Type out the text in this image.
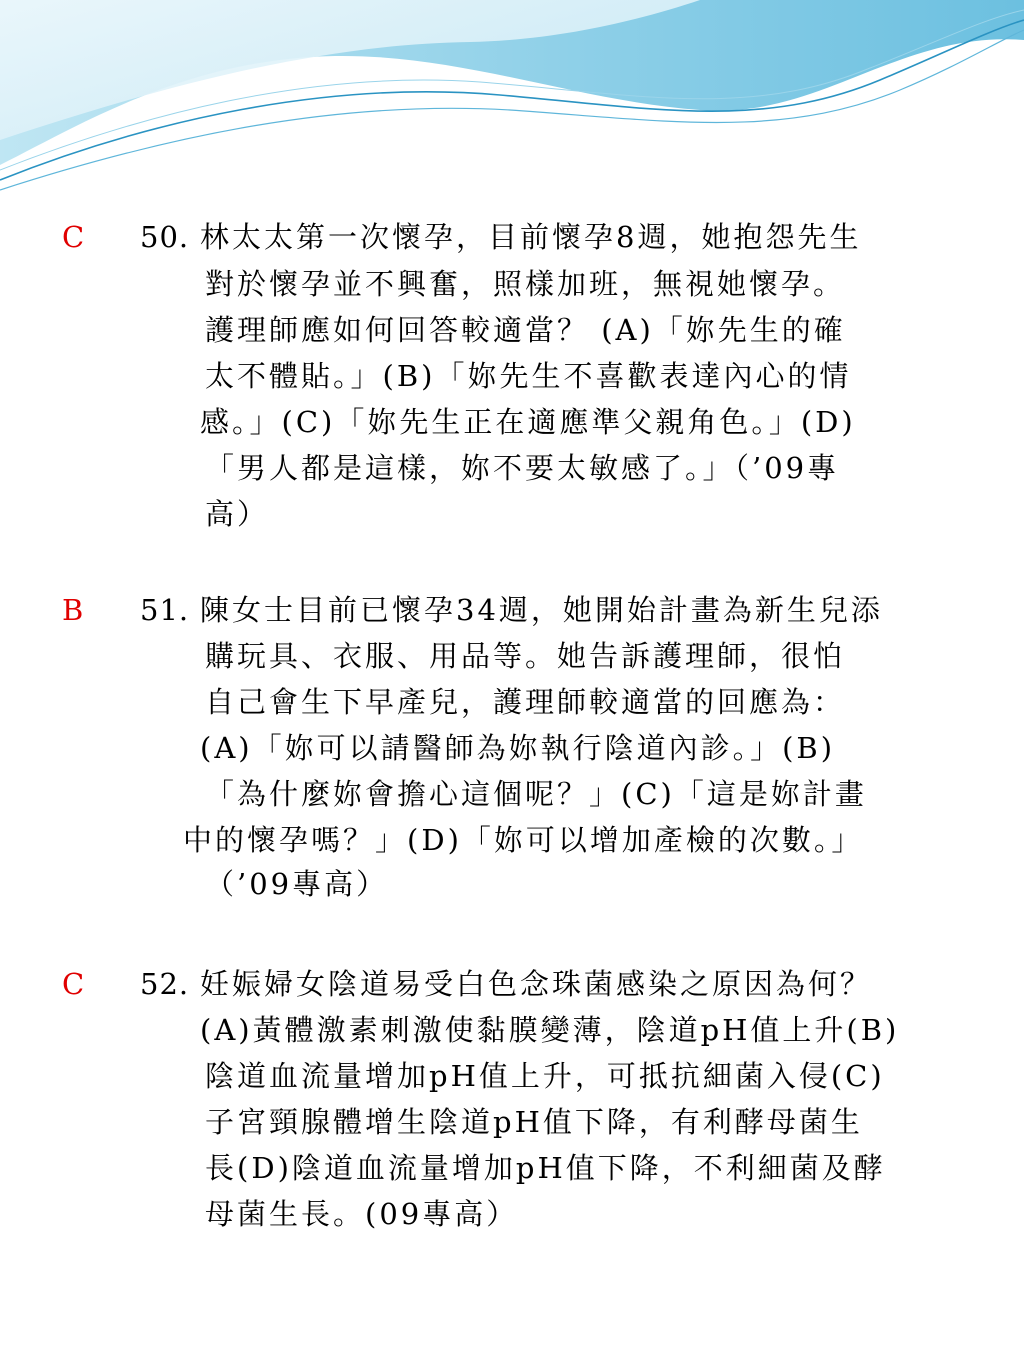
C 50. 林太太第一次懷孕，目前懷孕8週，她抱怨先生
對於懷孕並不興奮，照樣加班，無視她懷孕。
護理師應如何回答較適當？ (A)「妳先生的確
太不體貼。」(B)「妳先生不喜歡表達內心的情
感。」(C)「妳先生正在適應準父親角色。」(D)
「男人都是這樣，妳不要太敏感了。」（’09專
高）
B 51. 陳女士目前已懷孕34週，她開始計畫為新生兒添
購玩具、衣服、用品等。她告訴護理師，很怕
自己會生下早產兒，護理師較適當的回應為：
(A)「妳可以請醫師為妳執行陰道內診。」(B)
「為什麼妳會擔心這個呢？」(C)「這是妳計畫
中的懷孕嗎？」(D)「妳可以增加產檢的次數。」
（’09專高）
C 52. 妊娠婦女陰道易受白色念珠菌感染之原因為何？
(A)黃體激素刺激使黏膜變薄，陰道pH值上升(B)
陰道血流量增加pH值上升，可抵抗細菌入侵(C)
子宮頸腺體增生陰道pH值下降，有利酵母菌生
長(D)陰道血流量增加pH值下降，不利細菌及酵
母菌生長。(09專高）
